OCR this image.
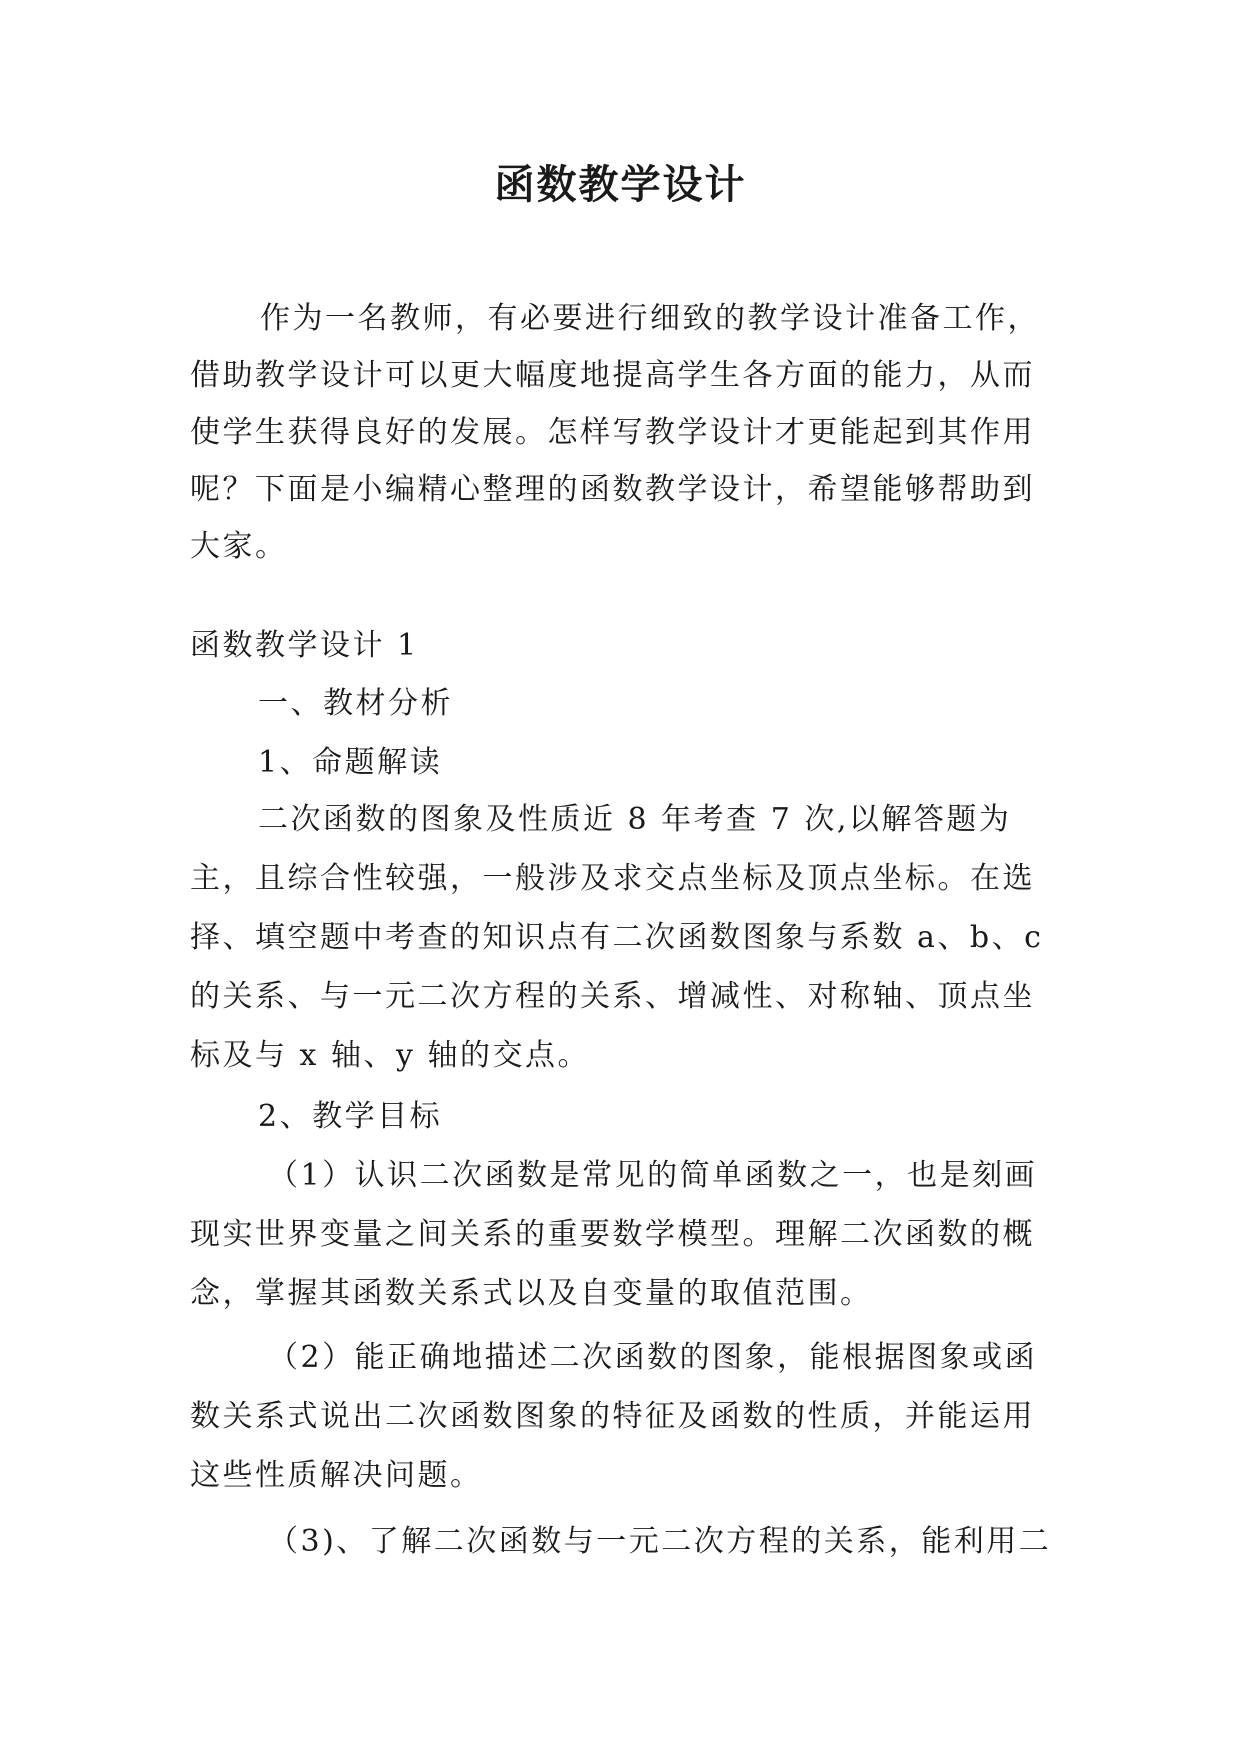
函数教学设计
作为一名教师，有必要进行细致的教学设计准备工作，借助教学设计可以更大幅度地提高学生各方面的能力，从而使学生获得良好的发展。怎样写教学设计才更能起到其作用呢？下面是小编精心整理的函数教学设计，希望能够帮助到大家。
函数教学设计 1
一、教材分析
1、命题解读
二次函数的图象及性质近 8 年考查 7 次,以解答题为主，且综合性较强，一般涉及求交点坐标及顶点坐标。在选择、填空题中考查的知识点有二次函数图象与系数 a、b、c 的关系、与一元二次方程的关系、增减性、对称轴、顶点坐标及与 x 轴、y 轴的交点。
2、教学目标
（1）认识二次函数是常见的简单函数之一，也是刻画现实世界变量之间关系的重要数学模型。理解二次函数的概念，掌握其函数关系式以及自变量的取值范围。
（2）能正确地描述二次函数的图象，能根据图象或函数关系式说出二次函数图象的特征及函数的性质，并能运用这些性质解决问题。
（3)、了解二次函数与一元二次方程的关系，能利用二
